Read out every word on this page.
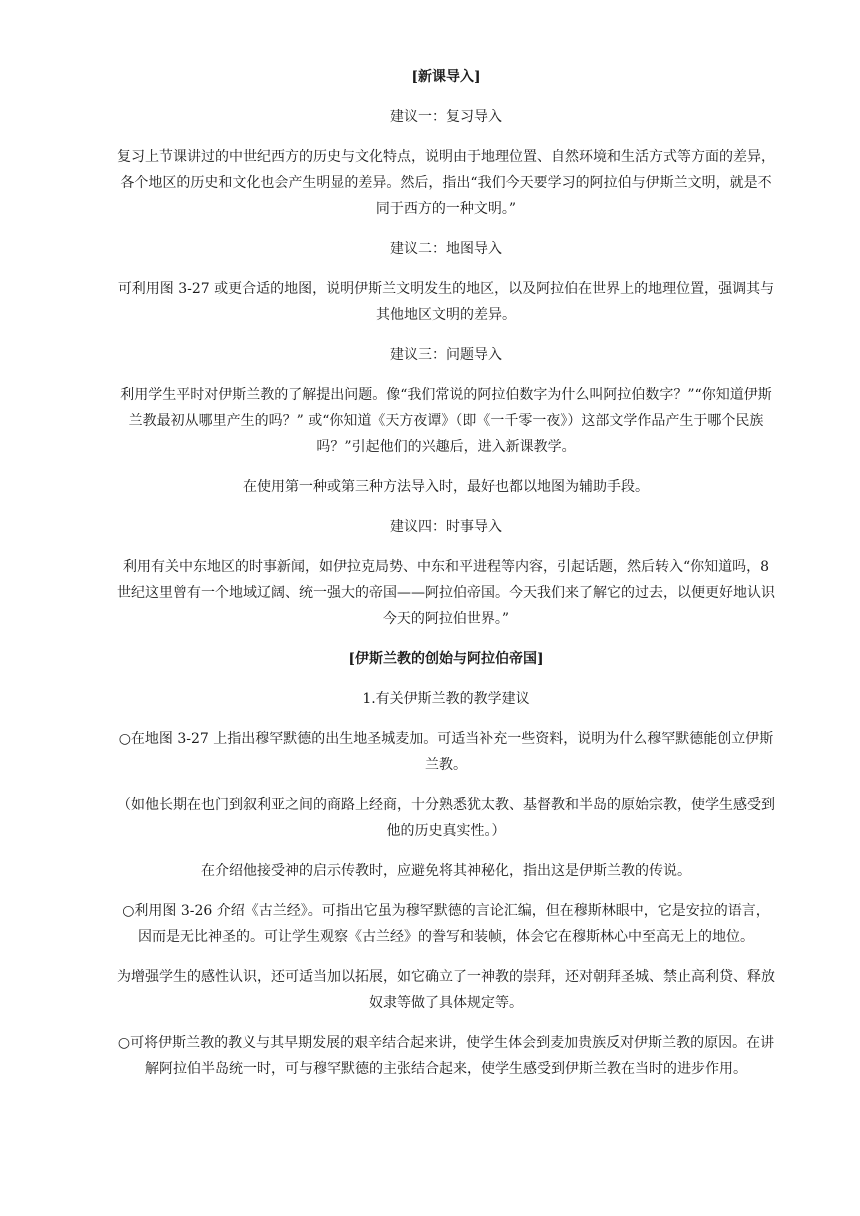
[新课导入]
建议一：复习导入
复习上节课讲过的中世纪西方的历史与文化特点，说明由于地理位置、自然环境和生活方式等方面的差异，各个地区的历史和文化也会产生明显的差异。然后，指出“我们今天要学习的阿拉伯与伊斯兰文明，就是不同于西方的一种文明。”
建议二：地图导入
可利用图 3-27 或更合适的地图，说明伊斯兰文明发生的地区，以及阿拉伯在世界上的地理位置，强调其与其他地区文明的差异。
建议三：问题导入
利用学生平时对伊斯兰教的了解提出问题。像“我们常说的阿拉伯数字为什么叫阿拉伯数字？”“你知道伊斯兰教最初从哪里产生的吗？” 或“你知道《天方夜谭》（即《一千零一夜》）这部文学作品产生于哪个民族吗？”引起他们的兴趣后，进入新课教学。
在使用第一种或第三种方法导入时，最好也都以地图为辅助手段。
建议四：时事导入
利用有关中东地区的时事新闻，如伊拉克局势、中东和平进程等内容，引起话题，然后转入“你知道吗，8 世纪这里曾有一个地域辽阔、统一强大的帝国——阿拉伯帝国。今天我们来了解它的过去，以便更好地认识今天的阿拉伯世界。”
[伊斯兰教的创始与阿拉伯帝国]
1.有关伊斯兰教的教学建议
○在地图 3-27 上指出穆罕默德的出生地圣城麦加。可适当补充一些资料，说明为什么穆罕默德能创立伊斯兰教。
（如他长期在也门到叙利亚之间的商路上经商，十分熟悉犹太教、基督教和半岛的原始宗教，使学生感受到他的历史真实性。）
在介绍他接受神的启示传教时，应避免将其神秘化，指出这是伊斯兰教的传说。
○利用图 3-26 介绍《古兰经》。可指出它虽为穆罕默德的言论汇编，但在穆斯林眼中，它是安拉的语言，因而是无比神圣的。可让学生观察《古兰经》的誊写和装帧，体会它在穆斯林心中至高无上的地位。
为增强学生的感性认识，还可适当加以拓展，如它确立了一神教的崇拜，还对朝拜圣城、禁止高利贷、释放奴隶等做了具体规定等。
○可将伊斯兰教的教义与其早期发展的艰辛结合起来讲，使学生体会到麦加贵族反对伊斯兰教的原因。在讲解阿拉伯半岛统一时，可与穆罕默德的主张结合起来，使学生感受到伊斯兰教在当时的进步作用。
